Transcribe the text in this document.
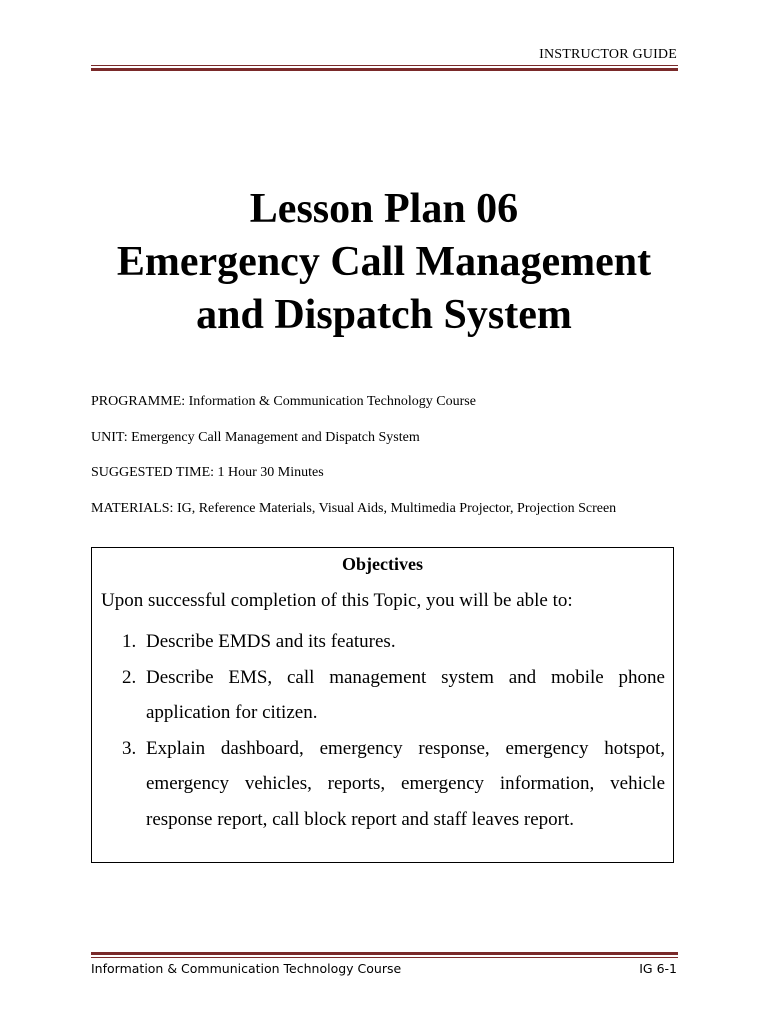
INSTRUCTOR GUIDE
Lesson Plan 06
Emergency Call Management
and Dispatch System
PROGRAMME: Information & Communication Technology Course
UNIT: Emergency Call Management and Dispatch System
SUGGESTED TIME: 1 Hour 30 Minutes
MATERIALS: IG, Reference Materials, Visual Aids, Multimedia Projector, Projection Screen
Objectives
Upon successful completion of this Topic, you will be able to:
1. Describe EMDS and its features.
2. Describe EMS, call management system and mobile phone application for citizen.
3. Explain dashboard, emergency response, emergency hotspot, emergency vehicles, reports, emergency information, vehicle response report, call block report and staff leaves report.
Information & Communication Technology Course	IG 6-1
